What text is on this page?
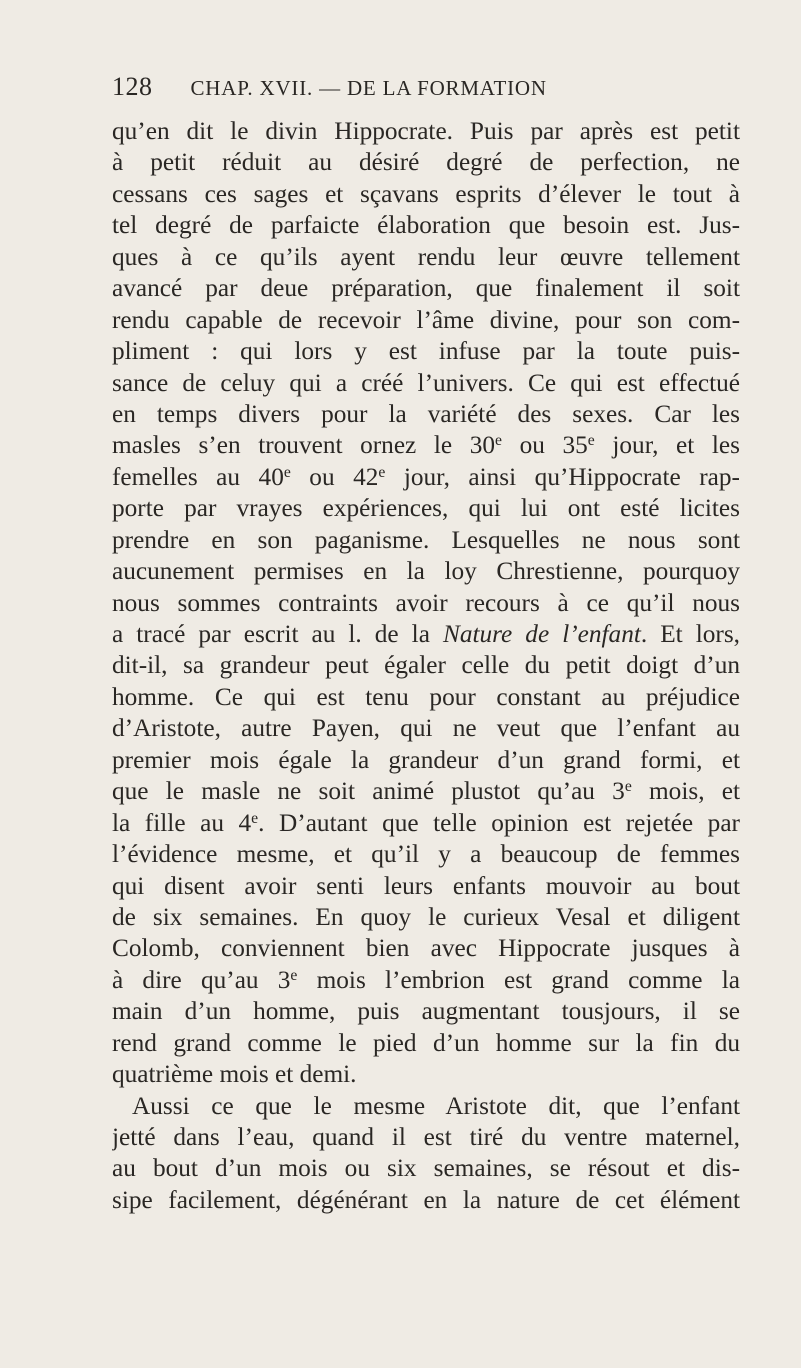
128 CHAP. XVII. — DE LA FORMATION
qu’en dit le divin Hippocrate. Puis par après est petit
à petit réduit au désiré degré de perfection, ne
cessans ces sages et sçavans esprits d’élever le tout à
tel degré de parfaicte élaboration que besoin est. Jus-
ques à ce qu’ils ayent rendu leur œuvre tellement
avancé par deue préparation, que finalement il soit
rendu capable de recevoir l’âme divine, pour son com-
pliment : qui lors y est infuse par la toute puis-
sance de celuy qui a créé l’univers. Ce qui est effectué
en temps divers pour la variété des sexes. Car les
masles s’en trouvent ornez le 30e ou 35e jour, et les
femelles au 40e ou 42e jour, ainsi qu’Hippocrate rap-
porte par vrayes expériences, qui lui ont esté licites
prendre en son paganisme. Lesquelles ne nous sont
aucunement permises en la loy Chrestienne, pourquoy
nous sommes contraints avoir recours à ce qu’il nous
a tracé par escrit au l. de la Nature de l’enfant. Et lors,
dit-il, sa grandeur peut égaler celle du petit doigt d’un
homme. Ce qui est tenu pour constant au préjudice
d’Aristote, autre Payen, qui ne veut que l’enfant au
premier mois égale la grandeur d’un grand formi, et
que le masle ne soit animé plustot qu’au 3e mois, et
la fille au 4e. D’autant que telle opinion est rejetée par
l’évidence mesme, et qu’il y a beaucoup de femmes
qui disent avoir senti leurs enfants mouvoir au bout
de six semaines. En quoy le curieux Vesal et diligent
Colomb, conviennent bien avec Hippocrate jusques à
à dire qu’au 3e mois l’embrion est grand comme la
main d’un homme, puis augmentant tousjours, il se
rend grand comme le pied d’un homme sur la fin du
quatrième mois et demi.
Aussi ce que le mesme Aristote dit, que l’enfant
jetté dans l’eau, quand il est tiré du ventre maternel,
au bout d’un mois ou six semaines, se résout et dis-
sipe facilement, dégénérant en la nature de cet élément
